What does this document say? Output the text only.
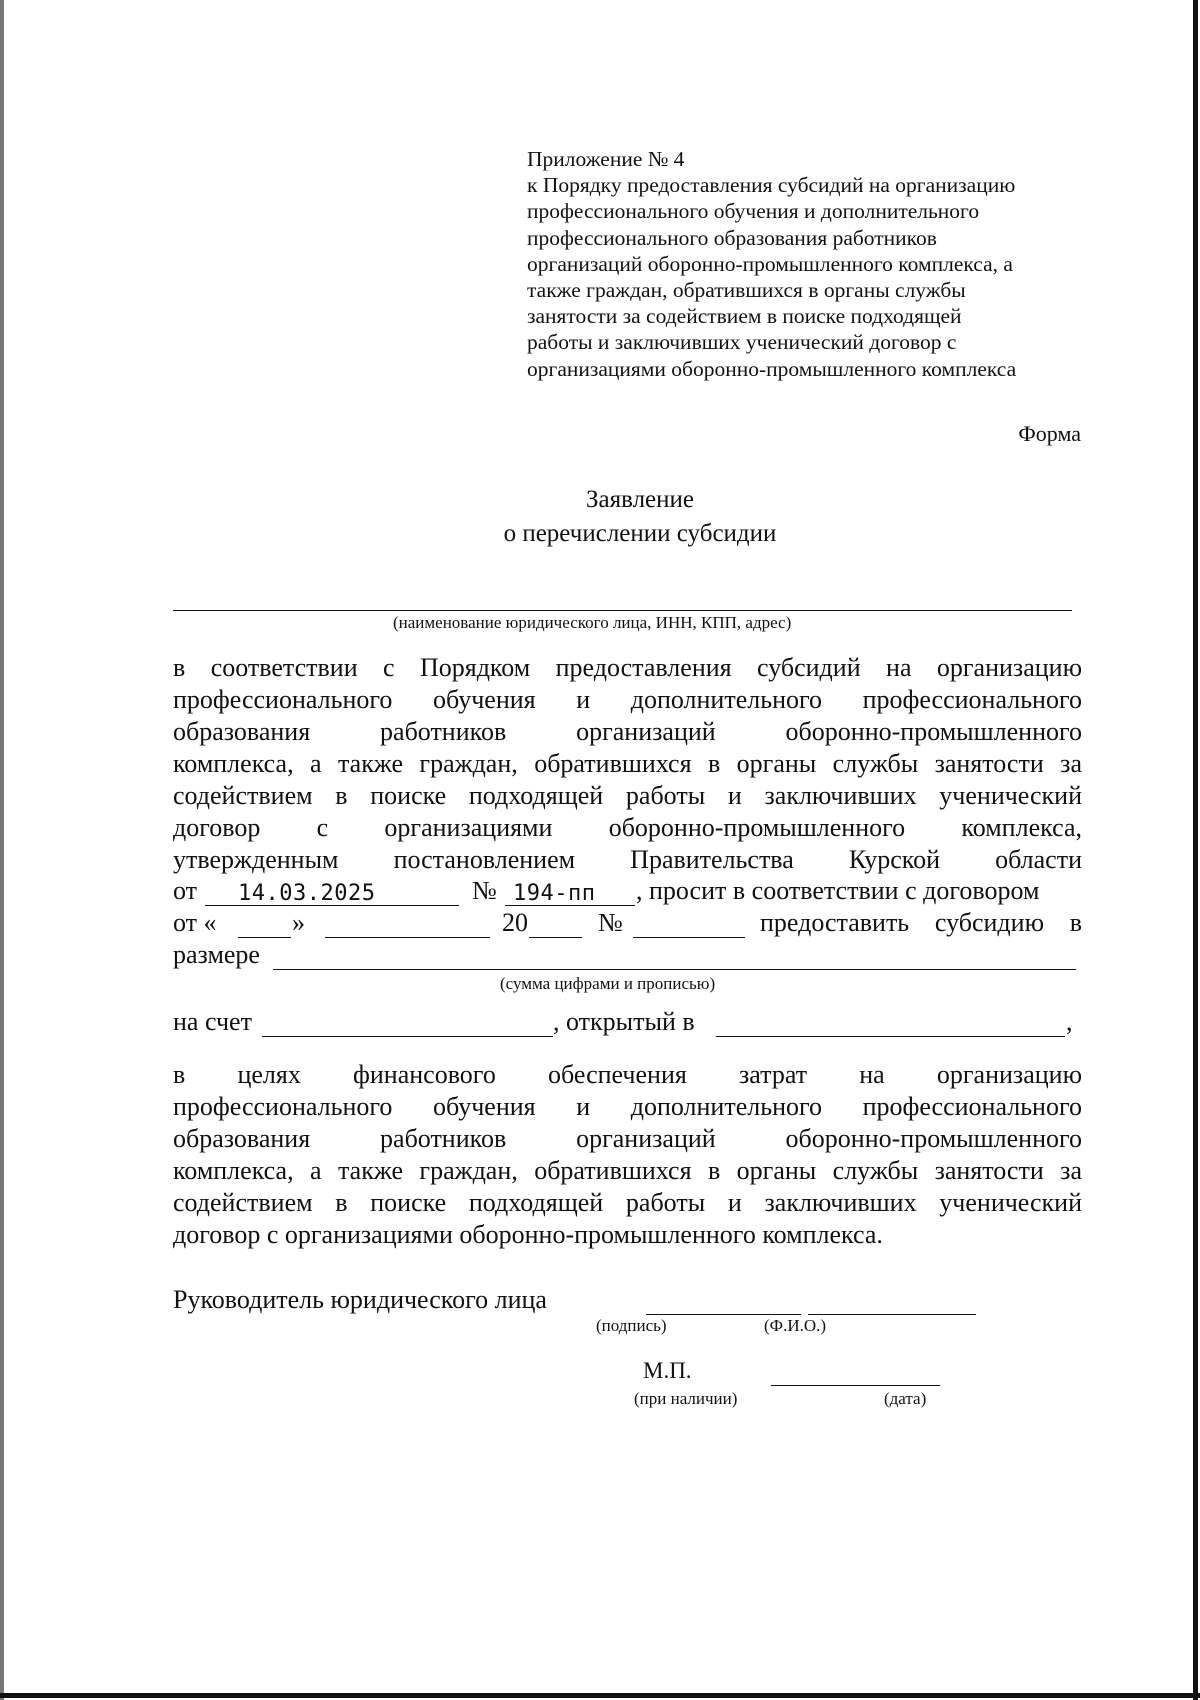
Приложение № 4
к Порядку предоставления субсидий на организацию
профессионального обучения и дополнительного
профессионального образования работников
организаций оборонно-промышленного комплекса, а
также граждан, обратившихся в органы службы
занятости за содействием в поиске подходящей
работы и заключивших ученический договор с
организациями оборонно-промышленного комплекса
Форма
Заявление
о перечислении субсидии
(наименование юридического лица, ИНН, КПП, адрес)
в соответствии с Порядком предоставления субсидий на организацию
профессионального обучения и дополнительного профессионального
образования работников организаций оборонно-промышленного
комплекса, а также граждан, обратившихся в органы службы занятости за
содействием в поиске подходящей работы и заключивших ученический
договор с организациями оборонно-промышленного комплекса,
утвержденным постановлением Правительства Курской области
от 14.03.2025	№ 194-пп , просит в соответствии с договором
от «	»	20	№	предоставить субсидию в
размере
(сумма цифрами и прописью)
на счет	, открытый в	,
в целях финансового обеспечения затрат на организацию
профессионального обучения и дополнительного профессионального
образования работников организаций оборонно-промышленного
комплекса, а также граждан, обратившихся в органы службы занятости за
содействием в поиске подходящей работы и заключивших ученический
договор с организациями оборонно-промышленного комплекса.
Руководитель юридического лица
(подпись)	(Ф.И.О.)
М.П.
(при наличии)	(дата)
